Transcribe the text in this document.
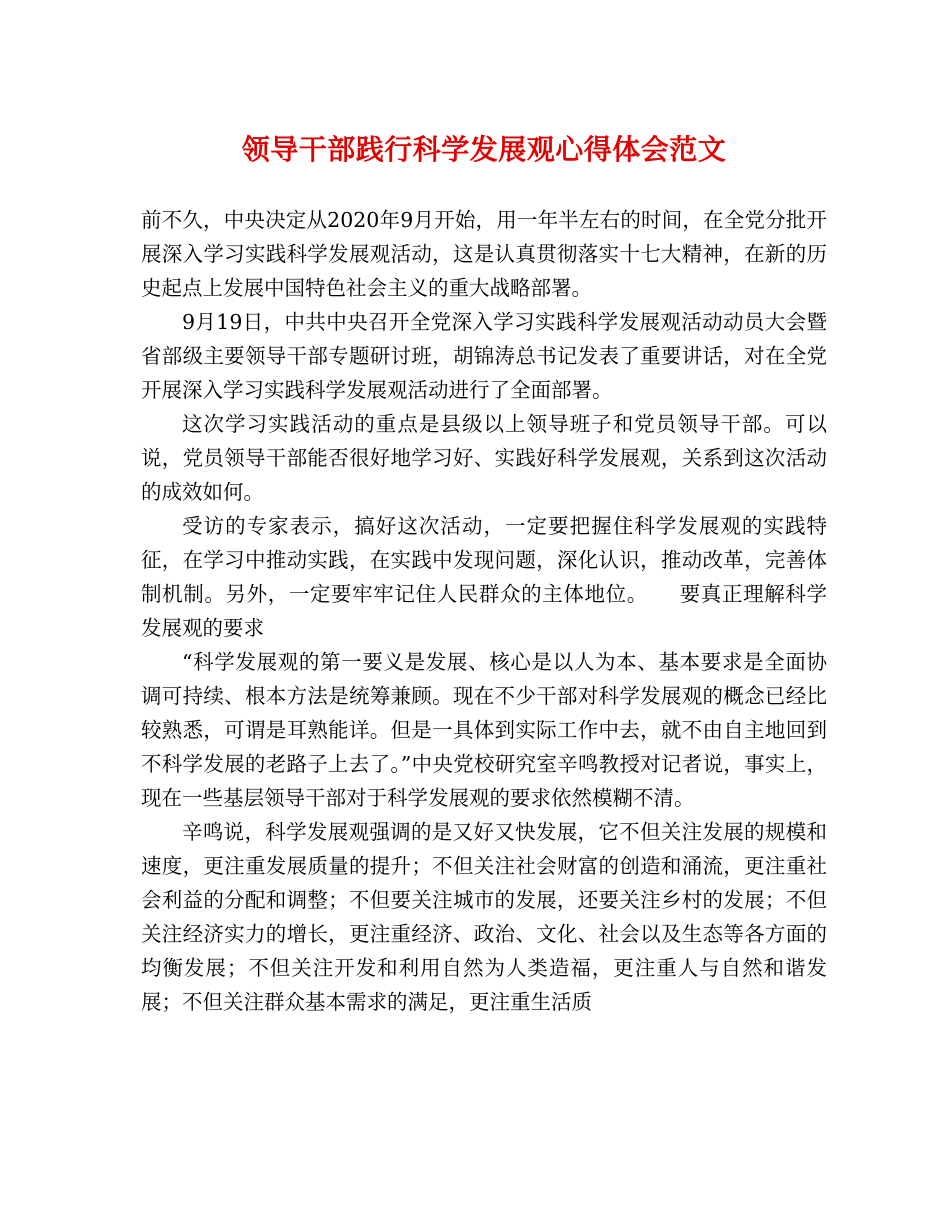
领导干部践行科学发展观心得体会范文

前不久，中央决定从2020年9月开始，用一年半左右的时间，在全党分批开展深入学习实践科学发展观活动，这是认真贯彻落实十七大精神，在新的历史起点上发展中国特色社会主义的重大战略部署。

9月19日，中共中央召开全党深入学习实践科学发展观活动动员大会暨省部级主要领导干部专题研讨班，胡锦涛总书记发表了重要讲话，对在全党开展深入学习实践科学发展观活动进行了全面部署。

这次学习实践活动的重点是县级以上领导班子和党员领导干部。可以说，党员领导干部能否很好地学习好、实践好科学发展观，关系到这次活动的成效如何。

受访的专家表示，搞好这次活动，一定要把握住科学发展观的实践特征，在学习中推动实践，在实践中发现问题，深化认识，推动改革，完善体制机制。另外，一定要牢牢记住人民群众的主体地位。　　要真正理解科学发展观的要求

“科学发展观的第一要义是发展、核心是以人为本、基本要求是全面协调可持续、根本方法是统筹兼顾。现在不少干部对科学发展观的概念已经比较熟悉，可谓是耳熟能详。但是一具体到实际工作中去，就不由自主地回到不科学发展的老路子上去了。”中央党校研究室辛鸣教授对记者说，事实上，现在一些基层领导干部对于科学发展观的要求依然模糊不清。

辛鸣说，科学发展观强调的是又好又快发展，它不但关注发展的规模和速度，更注重发展质量的提升；不但关注社会财富的创造和涌流，更注重社会利益的分配和调整；不但要关注城市的发展，还要关注乡村的发展；不但关注经济实力的增长，更注重经济、政治、文化、社会以及生态等各方面的均衡发展；不但关注开发和利用自然为人类造福，更注重人与自然和谐发展；不但关注群众基本需求的满足，更注重生活质
